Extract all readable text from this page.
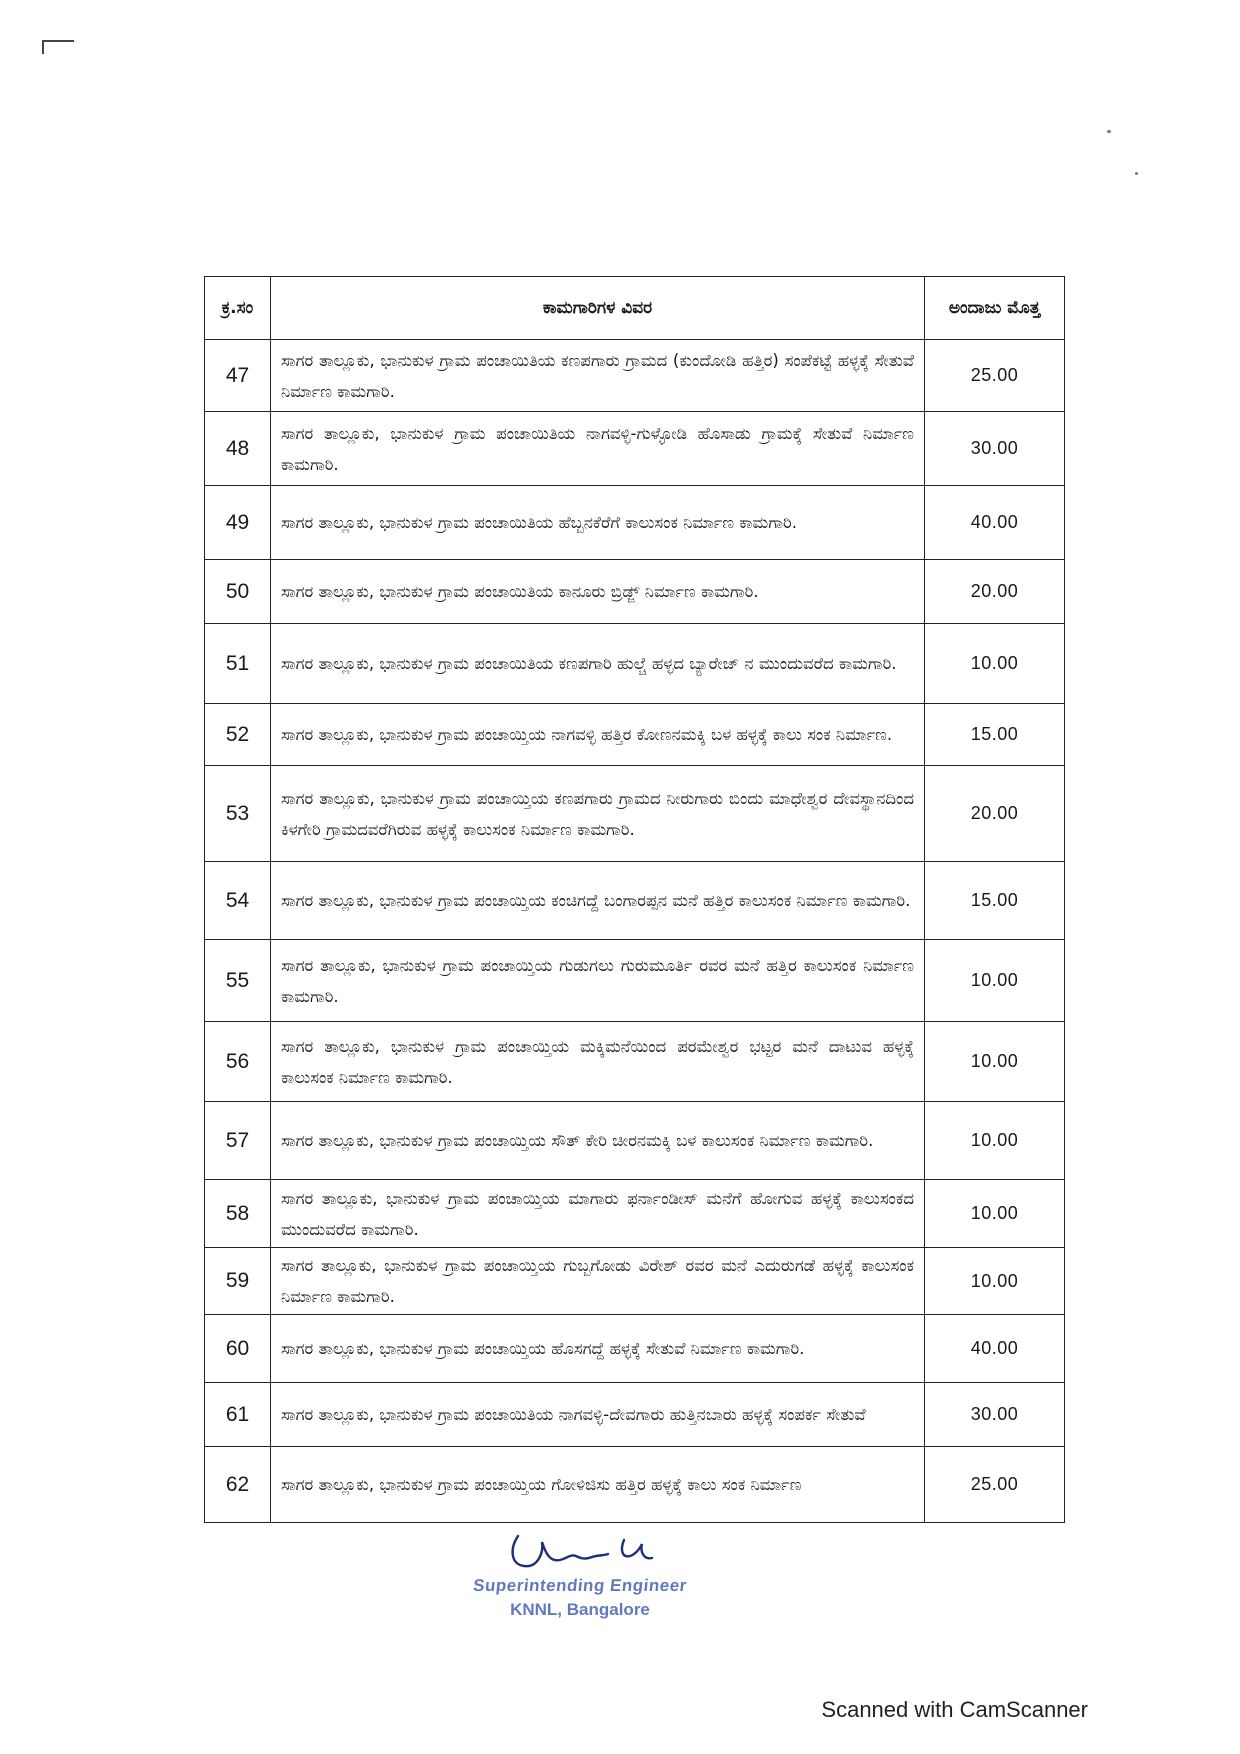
ಕ್ರ.ಸಂ	ಕಾಮಗಾರಿಗಳ ವಿವರ	ಅಂದಾಜು ಮೊತ್ತ
47	ಸಾಗರ ತಾಲ್ಲೂಕು, ಭಾನುಕುಳ ಗ್ರಾಮ ಪಂಚಾಯಿತಿಯ ಕಣಪಗಾರು ಗ್ರಾಮದ (ಕುಂದೋಡಿ ಹತ್ತಿರ) ಸಂಪೆಕಟ್ಟೆ ಹಳ್ಳಕ್ಕೆ ಸೇತುವೆ ನಿರ್ಮಾಣ ಕಾಮಗಾರಿ.	25.00
48	ಸಾಗರ ತಾಲ್ಲೂಕು, ಭಾನುಕುಳ ಗ್ರಾಮ ಪಂಚಾಯಿತಿಯ ನಾಗವಳ್ಳಿ-ಗುಳ್ಳೋಡಿ ಹೊಸಾಡು ಗ್ರಾಮಕ್ಕೆ ಸೇತುವೆ ನಿರ್ಮಾಣ ಕಾಮಗಾರಿ.	30.00
49	ಸಾಗರ ತಾಲ್ಲೂಕು, ಭಾನುಕುಳ ಗ್ರಾಮ ಪಂಚಾಯಿತಿಯ ಹೆಬ್ಬನಕೆರೆಗೆ ಕಾಲುಸಂಕ ನಿರ್ಮಾಣ ಕಾಮಗಾರಿ.	40.00
50	ಸಾಗರ ತಾಲ್ಲೂಕು, ಭಾನುಕುಳ ಗ್ರಾಮ ಪಂಚಾಯಿತಿಯ ಕಾನೂರು ಬ್ರಿಡ್ಜ್ ನಿರ್ಮಾಣ ಕಾಮಗಾರಿ.	20.00
51	ಸಾಗರ ತಾಲ್ಲೂಕು, ಭಾನುಕುಳ ಗ್ರಾಮ ಪಂಚಾಯಿತಿಯ ಕಣಪಗಾರಿ ಹುಲ್ಚೆ ಹಳ್ಳದ ಬ್ಯಾರೇಜ್ ನ ಮುಂದುವರೆದ ಕಾಮಗಾರಿ.	10.00
52	ಸಾಗರ ತಾಲ್ಲೂಕು, ಭಾನುಕುಳ ಗ್ರಾಮ ಪಂಚಾಯ್ತಿಯ ನಾಗವಳ್ಳಿ ಹತ್ತಿರ ಕೋಣನಮಕ್ಕಿ ಬಳ ಹಳ್ಳಕ್ಕೆ ಕಾಲು ಸಂಕ ನಿರ್ಮಾಣ.	15.00
53	ಸಾಗರ ತಾಲ್ಲೂಕು, ಭಾನುಕುಳ ಗ್ರಾಮ ಪಂಚಾಯ್ತಿಯ ಕಣಪಗಾರು ಗ್ರಾಮದ ನೀರುಗಾರು ಬಿಂದು ಮಾಧೇಶ್ವರ ದೇವಸ್ಥಾನದಿಂದ ಕಿಳಗೇರಿ ಗ್ರಾಮದವರೆಗಿರುವ ಹಳ್ಳಕ್ಕೆ ಕಾಲುಸಂಕ ನಿರ್ಮಾಣ ಕಾಮಗಾರಿ.	20.00
54	ಸಾಗರ ತಾಲ್ಲೂಕು, ಭಾನುಕುಳ ಗ್ರಾಮ ಪಂಚಾಯ್ತಿಯ ಕಂಚಿಗದ್ದೆ ಬಂಗಾರಪ್ಪನ ಮನೆ ಹತ್ತಿರ ಕಾಲುಸಂಕ ನಿರ್ಮಾಣ ಕಾಮಗಾರಿ.	15.00
55	ಸಾಗರ ತಾಲ್ಲೂಕು, ಭಾನುಕುಳ ಗ್ರಾಮ ಪಂಚಾಯ್ತಿಯ ಗುಡುಗಲು ಗುರುಮೂರ್ತಿ ರವರ ಮನೆ ಹತ್ತಿರ ಕಾಲುಸಂಕ ನಿರ್ಮಾಣ ಕಾಮಗಾರಿ.	10.00
56	ಸಾಗರ ತಾಲ್ಲೂಕು, ಭಾನುಕುಳ ಗ್ರಾಮ ಪಂಚಾಯ್ತಿಯ ಮಕ್ಕಿಮನೆಯಿಂದ ಪರಮೇಶ್ವರ ಭಟ್ಟರ ಮನೆ ದಾಟುವ ಹಳ್ಳಕ್ಕೆ ಕಾಲುಸಂಕ ನಿರ್ಮಾಣ ಕಾಮಗಾರಿ.	10.00
57	ಸಾಗರ ತಾಲ್ಲೂಕು, ಭಾನುಕುಳ ಗ್ರಾಮ ಪಂಚಾಯ್ತಿಯ ಸೌತ್ ಕೇರಿ ಚೀರನಮಕ್ಕಿ ಬಳ ಕಾಲುಸಂಕ ನಿರ್ಮಾಣ ಕಾಮಗಾರಿ.	10.00
58	ಸಾಗರ ತಾಲ್ಲೂಕು, ಭಾನುಕುಳ ಗ್ರಾಮ ಪಂಚಾಯ್ತಿಯ ಮಾಗಾರು ಫರ್ನಾಂಡೀಸ್ ಮನೆಗೆ ಹೋಗುವ ಹಳ್ಳಕ್ಕೆ ಕಾಲುಸಂಕದ ಮುಂದುವರೆದ ಕಾಮಗಾರಿ.	10.00
59	ಸಾಗರ ತಾಲ್ಲೂಕು, ಭಾನುಕುಳ ಗ್ರಾಮ ಪಂಚಾಯ್ತಿಯ ಗುಬ್ಬಗೋಡು ವಿರೇಶ್ ರವರ ಮನೆ ಎದುರುಗಡೆ ಹಳ್ಳಕ್ಕೆ ಕಾಲುಸಂಕ ನಿರ್ಮಾಣ ಕಾಮಗಾರಿ.	10.00
60	ಸಾಗರ ತಾಲ್ಲೂಕು, ಭಾನುಕುಳ ಗ್ರಾಮ ಪಂಚಾಯ್ತಿಯ ಹೊಸಗದ್ದೆ ಹಳ್ಳಕ್ಕೆ ಸೇತುವೆ ನಿರ್ಮಾಣ ಕಾಮಗಾರಿ.	40.00
61	ಸಾಗರ ತಾಲ್ಲೂಕು, ಭಾನುಕುಳ ಗ್ರಾಮ ಪಂಚಾಯಿತಿಯ ನಾಗವಳ್ಳಿ-ದೇವಗಾರು ಹುತ್ತಿನಬಾರು ಹಳ್ಳಕ್ಕೆ ಸಂಪರ್ಕ ಸೇತುವೆ	30.00
62	ಸಾಗರ ತಾಲ್ಲೂಕು, ಭಾನುಕುಳ ಗ್ರಾಮ ಪಂಚಾಯ್ತಿಯ ಗೋಳಿಜಿಸು ಹತ್ತಿರ ಹಳ್ಳಕ್ಕೆ ಕಾಲು ಸಂಕ ನಿರ್ಮಾಣ	25.00
Superintending Engineer
KNNL, Bangalore
Scanned with CamScanner
